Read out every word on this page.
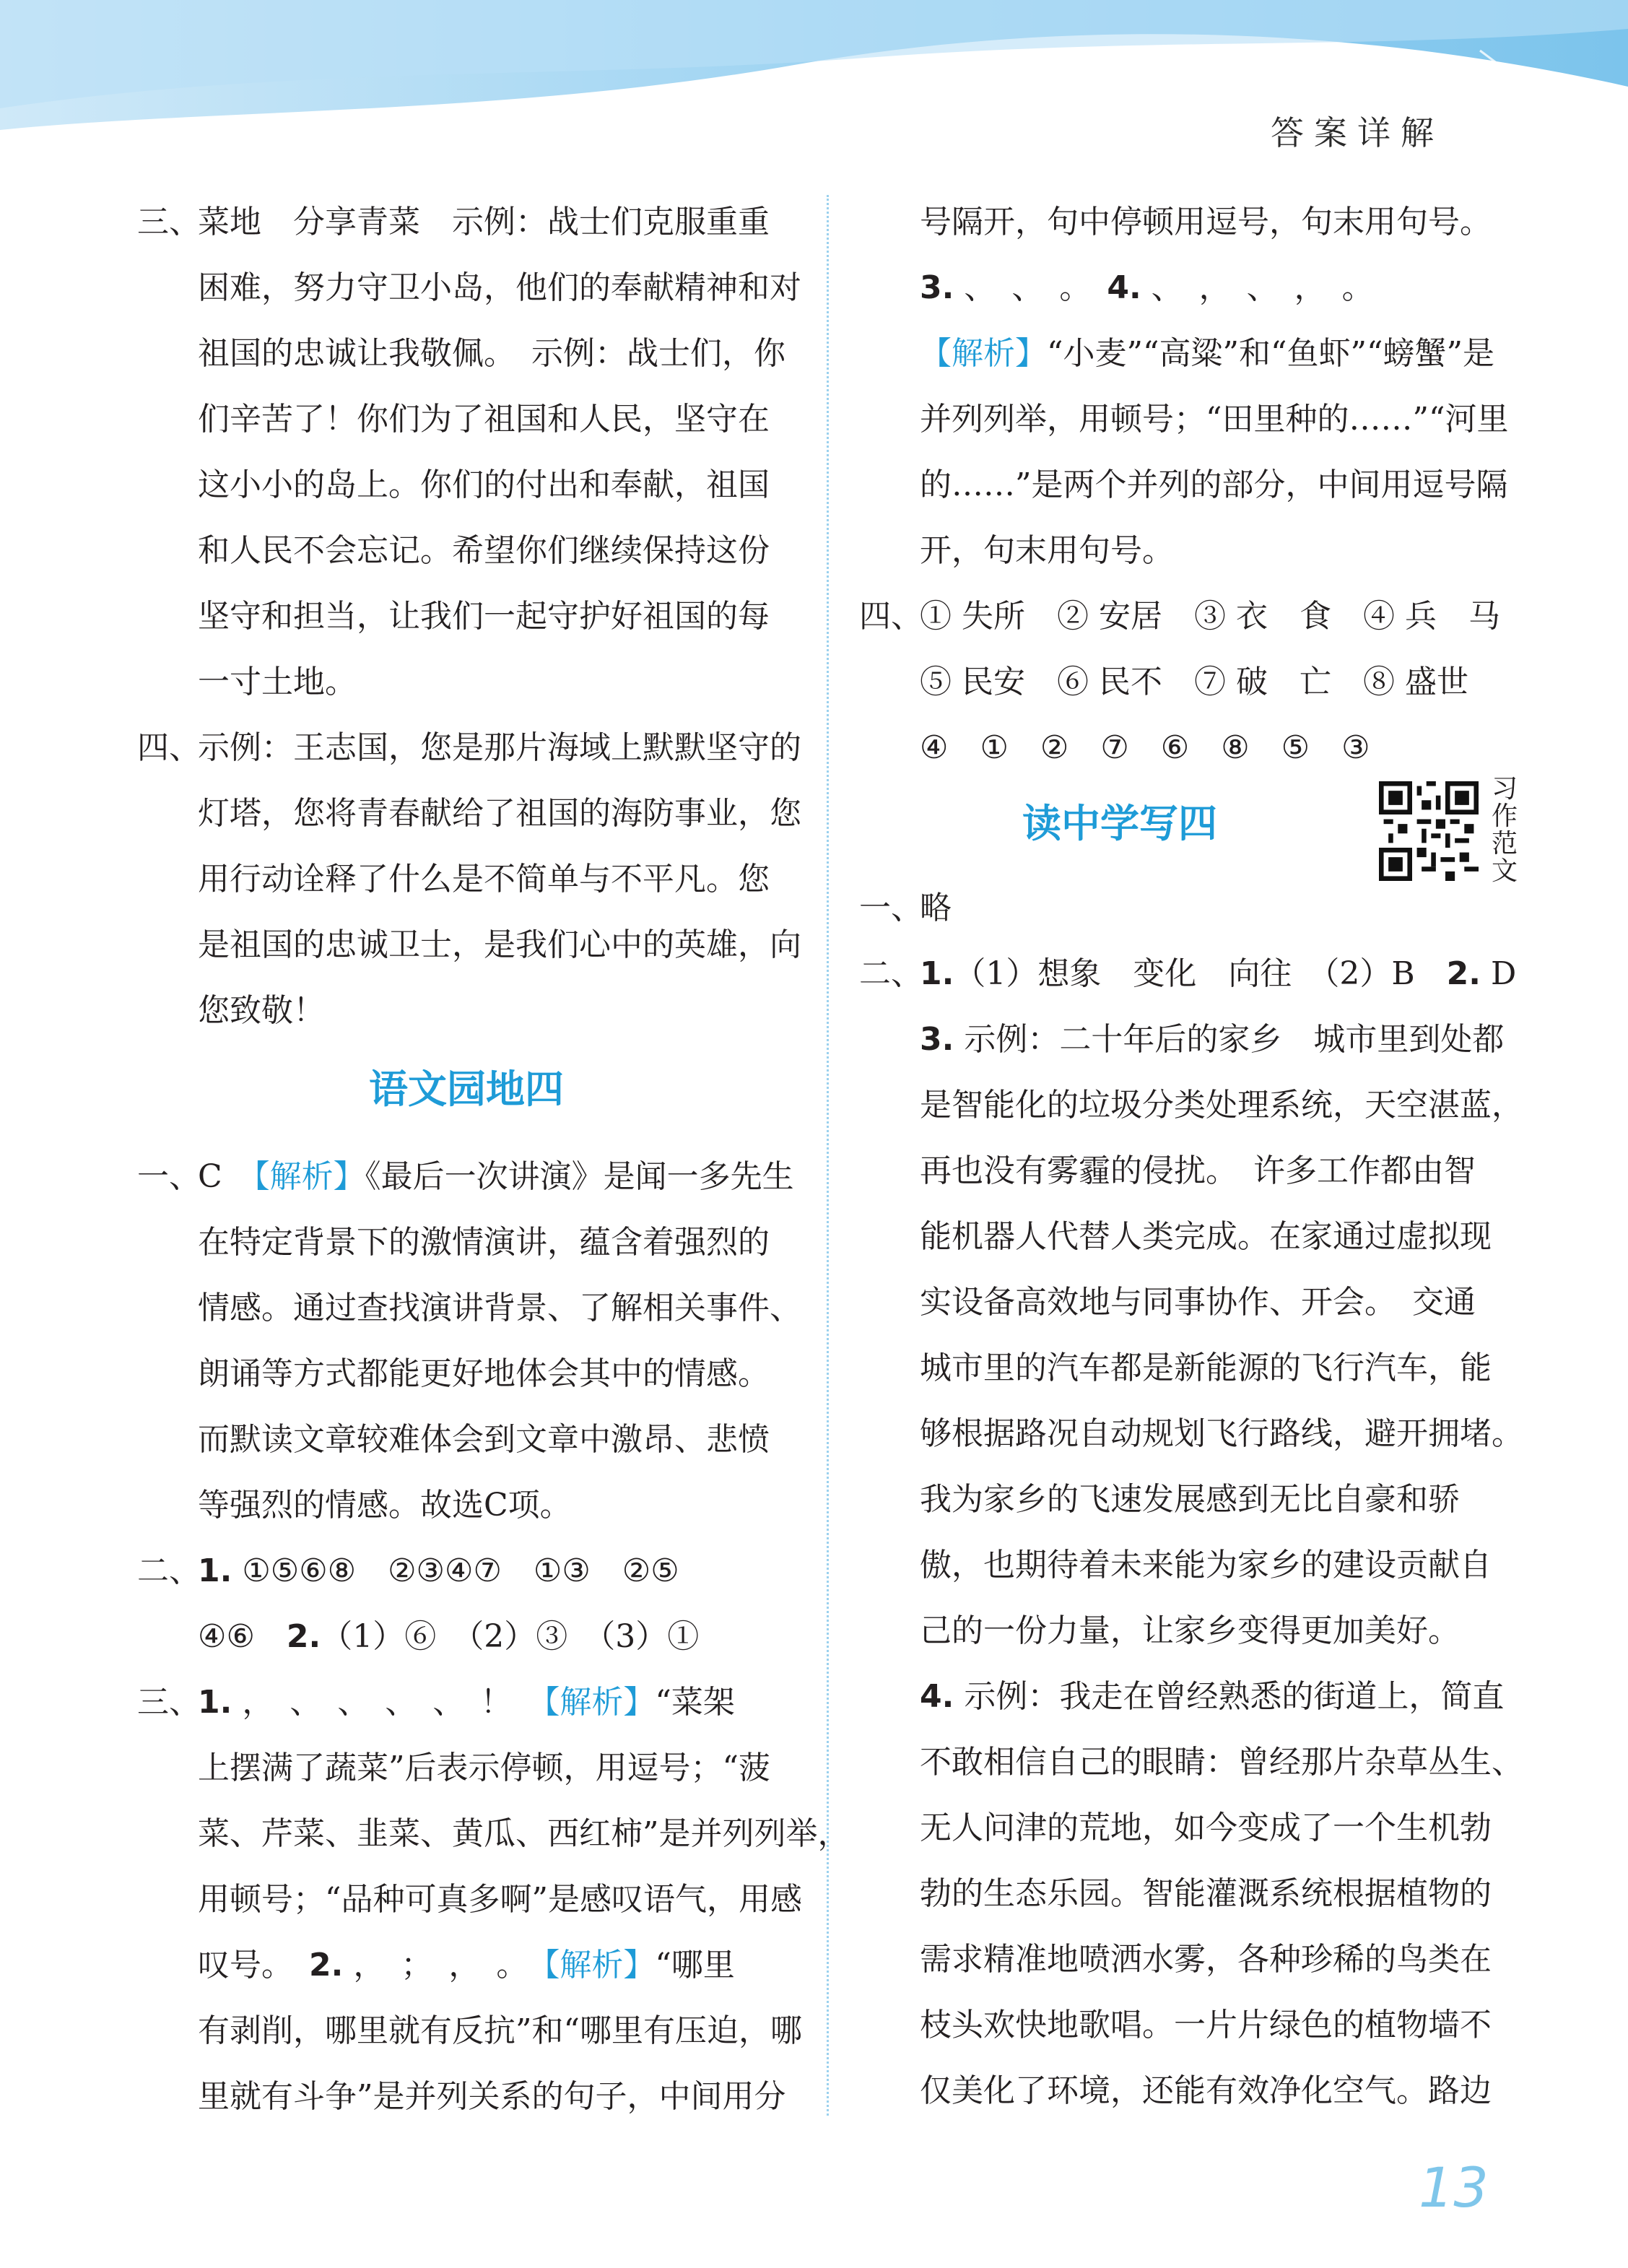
答案详解
三、
菜地　分享青菜　示例：战士们克服重重
困难，努力守卫小岛，他们的奉献精神和对
祖国的忠诚让我敬佩。　示例：战士们，你
们辛苦了！你们为了祖国和人民，坚守在
这小小的岛上。你们的付出和奉献，祖国
和人民不会忘记。希望你们继续保持这份
坚守和担当，让我们一起守护好祖国的每
一寸土地。
四、
示例：王志国，您是那片海域上默默坚守的
灯塔，您将青春献给了祖国的海防事业，您
用行动诠释了什么是不简单与不平凡。您
是祖国的忠诚卫士，是我们心中的英雄，向
您致敬！
语文园地四
一、
C　【解析】《最后一次讲演》是闻一多先生
在特定背景下的激情演讲，蕴含着强烈的
情感。通过查找演讲背景、了解相关事件、
朗诵等方式都能更好地体会其中的情感。
而默读文章较难体会到文章中激昂、悲愤
等强烈的情感。故选C项。
二、
1. ①⑤⑥⑧　②③④⑦　①③　②⑤
④⑥　2.（1）⑥　（2）③　（3）①
三、
1. ，　、　、　、　、　！　【解析】“菜架
上摆满了蔬菜”后表示停顿，用逗号；“菠
菜、芹菜、韭菜、黄瓜、西红柿”是并列列举，
用顿号；“品种可真多啊”是感叹语气，用感
叹号。　2. ，　；　，　。　【解析】“哪里
有剥削，哪里就有反抗”和“哪里有压迫，哪
里就有斗争”是并列关系的句子，中间用分
号隔开，句中停顿用逗号，句末用句号。
3. 、　、　。　4. 、　，　、　，　。
【解析】“小麦”“高粱”和“鱼虾”“螃蟹”是
并列列举，用顿号；“田里种的……”“河里
的……”是两个并列的部分，中间用逗号隔
开，句末用句号。
四、
① 失所　② 安居　③ 衣　食　④ 兵　马
⑤ 民安　⑥ 民不　⑦ 破　亡　⑧ 盛世
④　①　②　⑦　⑥　⑧　⑤　③
读中学写四
一、
略
二、
1.（1）想象　变化　向往　（2）B　2. D
3. 示例：二十年后的家乡　城市里到处都
是智能化的垃圾分类处理系统，天空湛蓝，
再也没有雾霾的侵扰。　许多工作都由智
能机器人代替人类完成。在家通过虚拟现
实设备高效地与同事协作、开会。　交通
城市里的汽车都是新能源的飞行汽车，能
够根据路况自动规划飞行路线，避开拥堵。
我为家乡的飞速发展感到无比自豪和骄
傲，也期待着未来能为家乡的建设贡献自
己的一份力量，让家乡变得更加美好。
4. 示例：我走在曾经熟悉的街道上，简直
不敢相信自己的眼睛：曾经那片杂草丛生、
无人问津的荒地，如今变成了一个生机勃
勃的生态乐园。智能灌溉系统根据植物的
需求精准地喷洒水雾，各种珍稀的鸟类在
枝头欢快地歌唱。一片片绿色的植物墙不
仅美化了环境，还能有效净化空气。路边
习作范文
13
